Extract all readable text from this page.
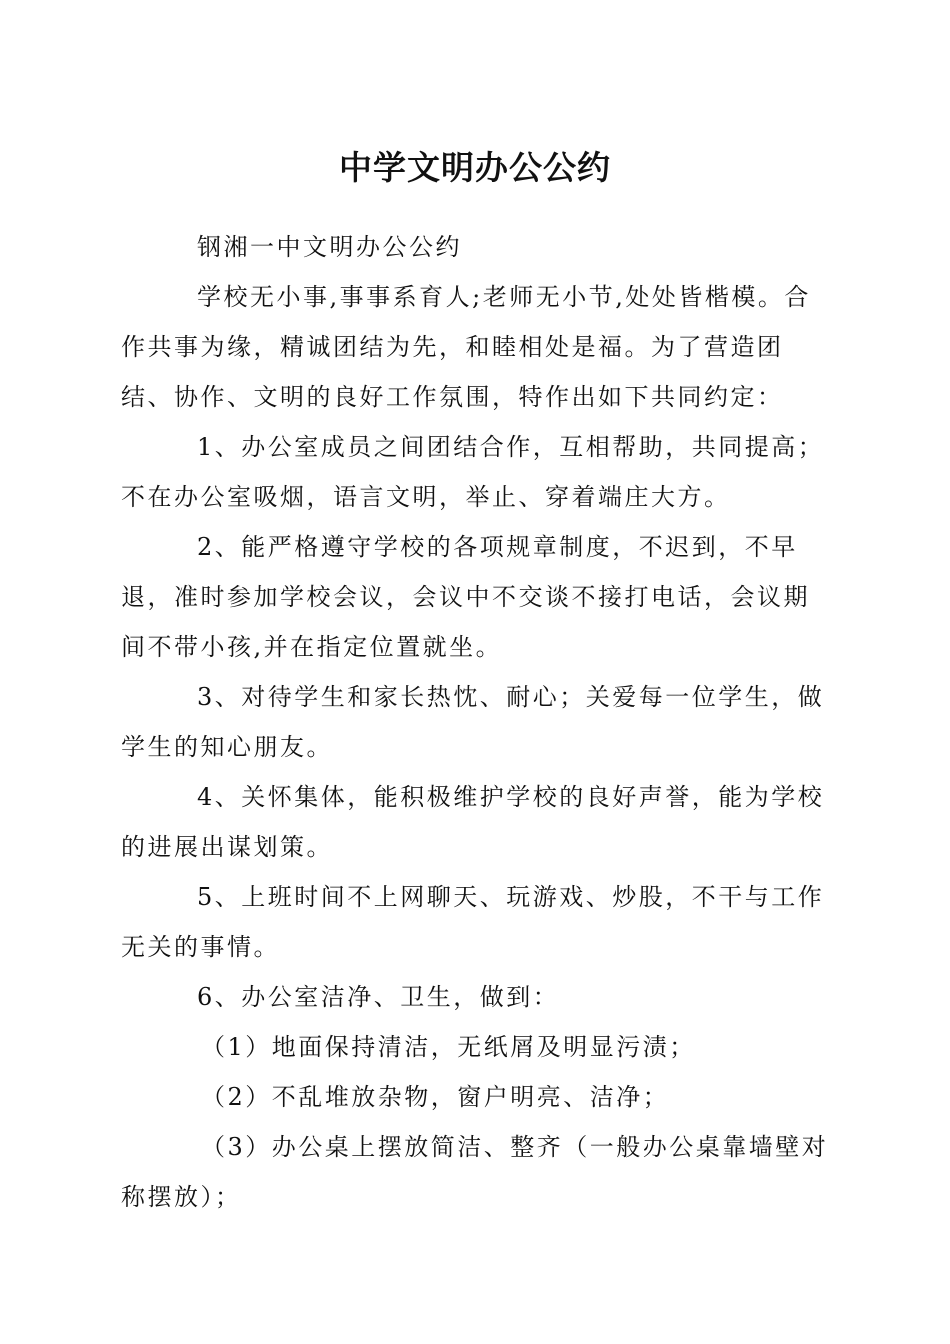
中学文明办公公约

钢湘一中文明办公公约

学校无小事,事事系育人;老师无小节,处处皆楷模。合作共事为缘，精诚团结为先，和睦相处是福。为了营造团结、协作、文明的良好工作氛围，特作出如下共同约定：

1、办公室成员之间团结合作，互相帮助，共同提高；不在办公室吸烟，语言文明，举止、穿着端庄大方。

2、能严格遵守学校的各项规章制度，不迟到，不早退，准时参加学校会议，会议中不交谈不接打电话，会议期间不带小孩,并在指定位置就坐。

3、对待学生和家长热忱、耐心；关爱每一位学生，做学生的知心朋友。

4、关怀集体，能积极维护学校的良好声誉，能为学校的进展出谋划策。

5、上班时间不上网聊天、玩游戏、炒股，不干与工作无关的事情。

6、办公室洁净、卫生，做到：

（1）地面保持清洁，无纸屑及明显污渍；

（2）不乱堆放杂物，窗户明亮、洁净；

（3）办公桌上摆放简洁、整齐（一般办公桌靠墙壁对称摆放）；
